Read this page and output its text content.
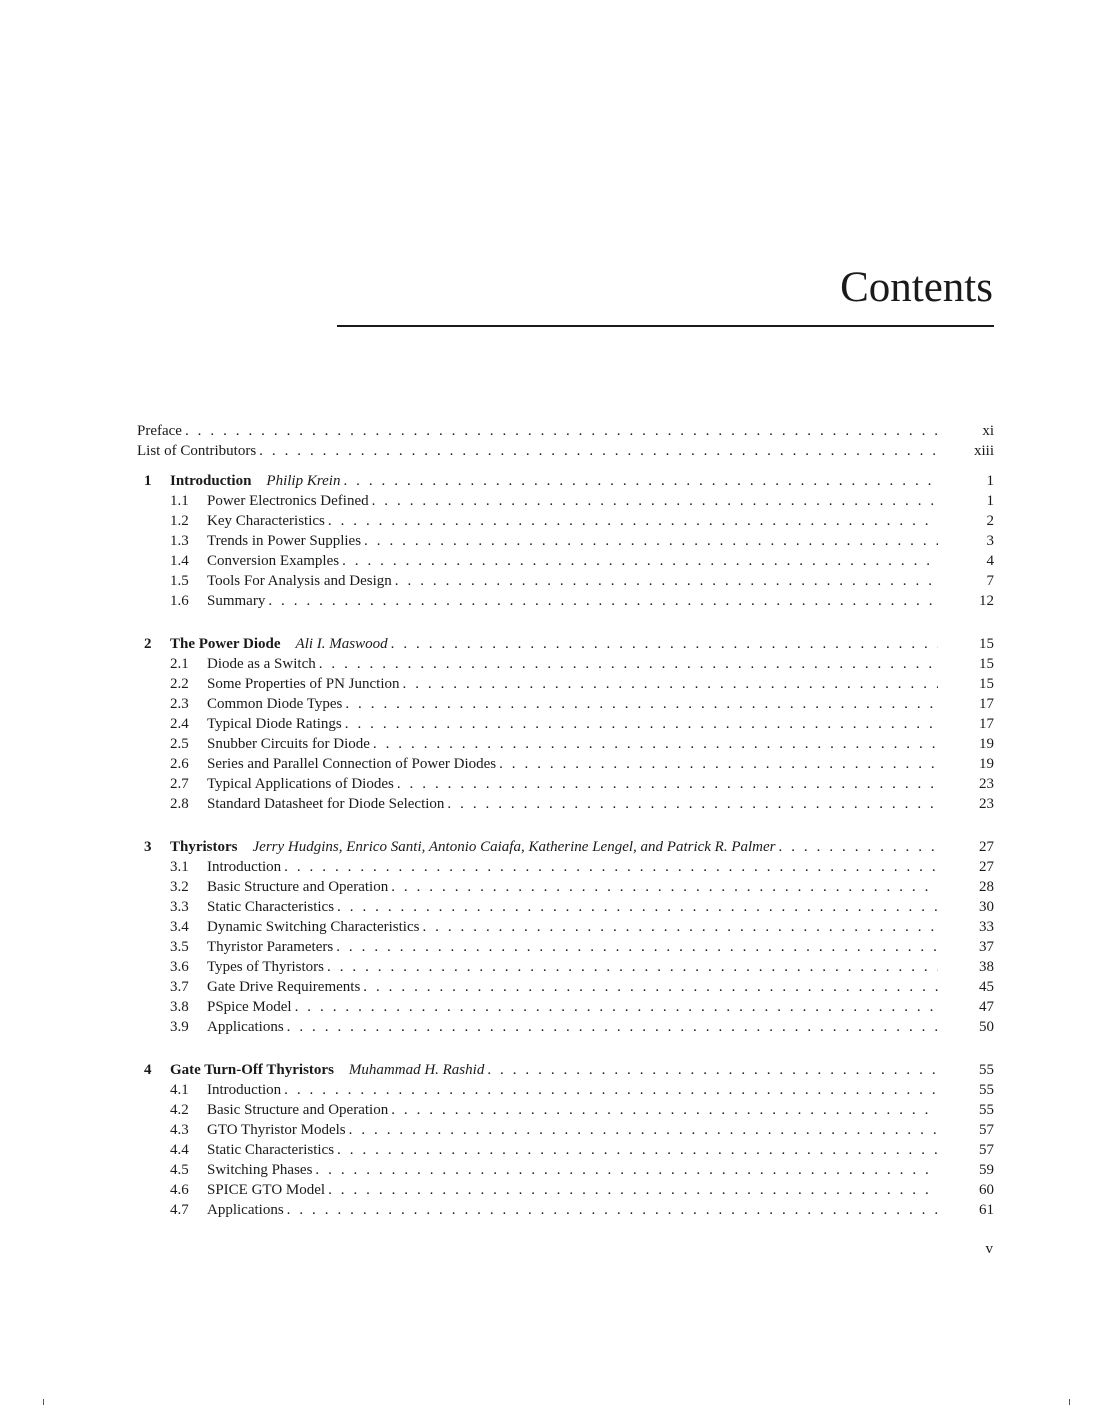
Contents
Preface . . .	xi
List of Contributors . . .	xiii
1	Introduction Philip Krein . . .	1
1.1	Power Electronics Defined . . .	1
1.2	Key Characteristics . . .	2
1.3	Trends in Power Supplies . . .	3
1.4	Conversion Examples . . .	4
1.5	Tools For Analysis and Design . . .	7
1.6	Summary . . .	12
2	The Power Diode Ali I. Maswood . . .	15
2.1	Diode as a Switch . . .	15
2.2	Some Properties of PN Junction . . .	15
2.3	Common Diode Types . . .	17
2.4	Typical Diode Ratings . . .	17
2.5	Snubber Circuits for Diode . . .	19
2.6	Series and Parallel Connection of Power Diodes . . .	19
2.7	Typical Applications of Diodes . . .	23
2.8	Standard Datasheet for Diode Selection . . .	23
3	Thyristors Jerry Hudgins, Enrico Santi, Antonio Caiafa, Katherine Lengel, and Patrick R. Palmer . . .	27
3.1	Introduction . . .	27
3.2	Basic Structure and Operation . . .	28
3.3	Static Characteristics . . .	30
3.4	Dynamic Switching Characteristics . . .	33
3.5	Thyristor Parameters . . .	37
3.6	Types of Thyristors . . .	38
3.7	Gate Drive Requirements . . .	45
3.8	PSpice Model . . .	47
3.9	Applications . . .	50
4	Gate Turn-Off Thyristors Muhammad H. Rashid . . .	55
4.1	Introduction . . .	55
4.2	Basic Structure and Operation . . .	55
4.3	GTO Thyristor Models . . .	57
4.4	Static Characteristics . . .	57
4.5	Switching Phases . . .	59
4.6	SPICE GTO Model . . .	60
4.7	Applications . . .	61
v
